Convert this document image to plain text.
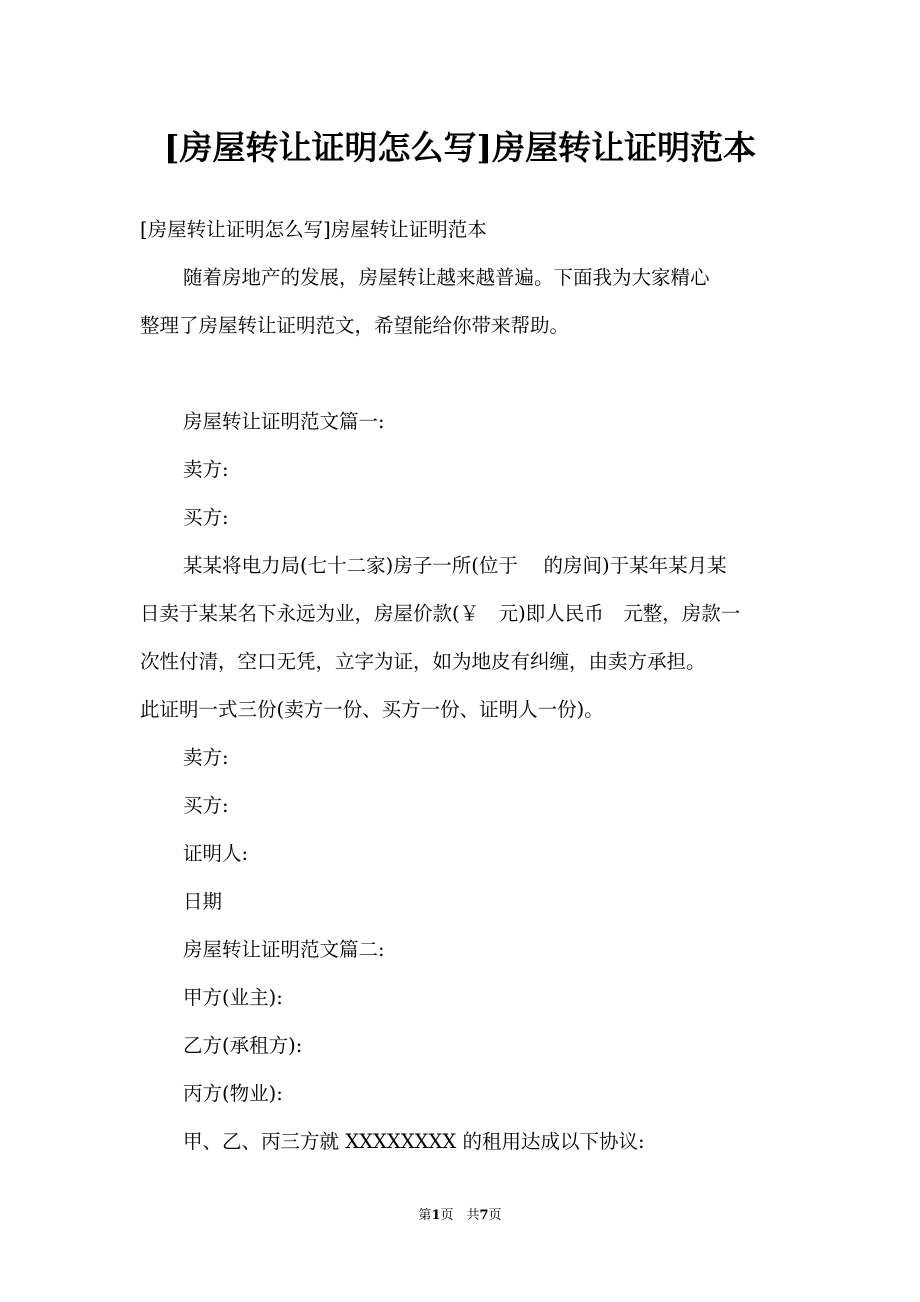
[房屋转让证明怎么写]房屋转让证明范本

[房屋转让证明怎么写]房屋转让证明范本

随着房地产的发展，房屋转让越来越普遍。下面我为大家精心

整理了房屋转让证明范文，希望能给你带来帮助。

房屋转让证明范文篇一:

卖方:

买方:

某某将电力局(七十二家)房子一所(位于 　的房间)于某年某月某

日卖于某某名下永远为业，房屋价款(￥　元)即人民币　元整，房款一

次性付清，空口无凭，立字为证，如为地皮有纠缠，由卖方承担。

此证明一式三份(卖方一份、买方一份、证明人一份)。

卖方:

买方:

证明人:

日期

房屋转让证明范文篇二:

甲方(业主):

乙方(承租方):

丙方(物业):

甲、乙、丙三方就 XXXXXXXX 的租用达成以下协议:

第1页　共7页
